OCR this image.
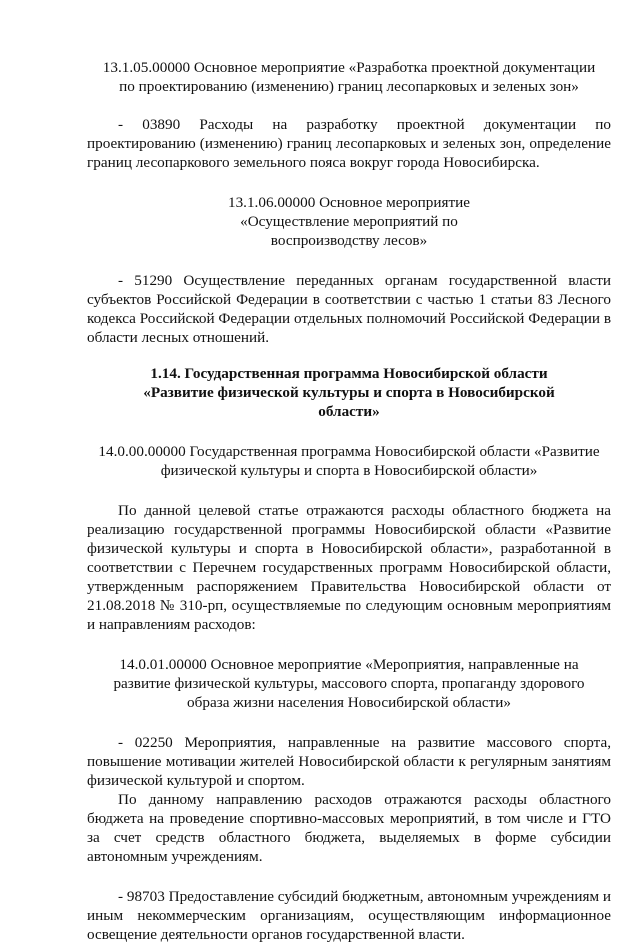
13.1.05.00000 Основное мероприятие «Разработка проектной документации по проектированию (изменению) границ лесопарковых и зеленых зон»

- 03890 Расходы на разработку проектной документации по проектированию (изменению) границ лесопарковых и зеленых зон, определение границ лесопаркового земельного пояса вокруг города Новосибирска.

13.1.06.00000 Основное мероприятие «Осуществление мероприятий по воспроизводству лесов»

- 51290 Осуществление переданных органам государственной власти субъектов Российской Федерации в соответствии с частью 1 статьи 83 Лесного кодекса Российской Федерации отдельных полномочий Российской Федерации в области лесных отношений.

1.14. Государственная программа Новосибирской области «Развитие физической культуры и спорта в Новосибирской области»

14.0.00.00000 Государственная программа Новосибирской области «Развитие физической культуры и спорта в Новосибирской области»

По данной целевой статье отражаются расходы областного бюджета на реализацию государственной программы Новосибирской области «Развитие физической культуры и спорта в Новосибирской области», разработанной в соответствии с Перечнем государственных программ Новосибирской области, утвержденным распоряжением Правительства Новосибирской области от 21.08.2018 № 310-рп, осуществляемые по следующим основным мероприятиям и направлениям расходов:

14.0.01.00000 Основное мероприятие «Мероприятия, направленные на развитие физической культуры, массового спорта, пропаганду здорового образа жизни населения Новосибирской области»

- 02250 Мероприятия, направленные на развитие массового спорта, повышение мотивации жителей Новосибирской области к регулярным занятиям физической культурой и спортом.

По данному направлению расходов отражаются расходы областного бюджета на проведение спортивно-массовых мероприятий, в том числе и ГТО за счет средств областного бюджета, выделяемых в форме субсидии автономным учреждениям.

- 98703 Предоставление субсидий бюджетным, автономным учреждениям и иным некоммерческим организациям, осуществляющим информационное освещение деятельности органов государственной власти.
